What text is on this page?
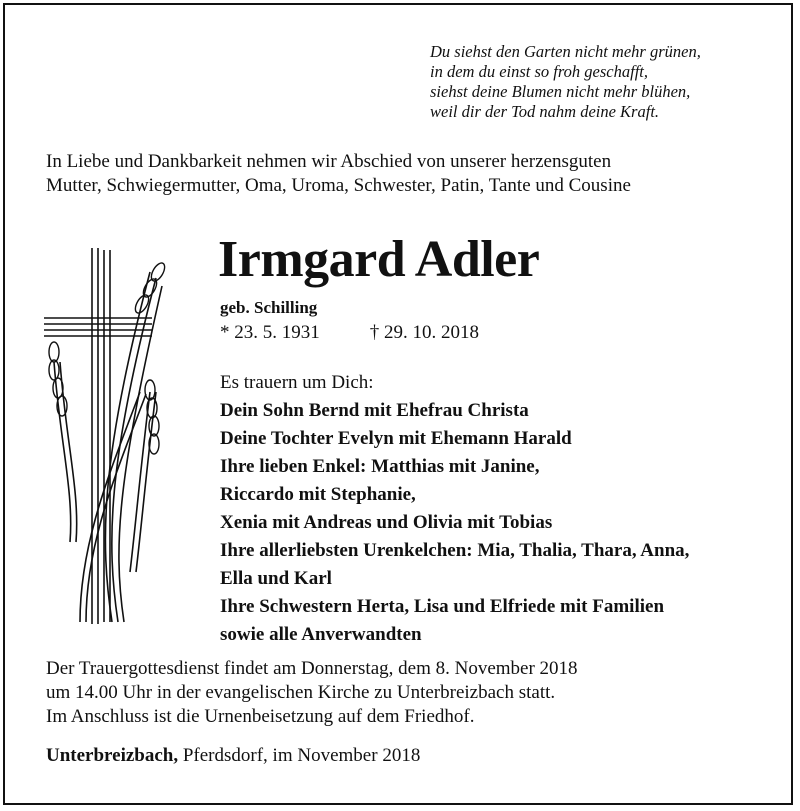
Du siehst den Garten nicht mehr grünen,
in dem du einst so froh geschafft,
siehst deine Blumen nicht mehr blühen,
weil dir der Tod nahm deine Kraft.
In Liebe und Dankbarkeit nehmen wir Abschied von unserer herzensguten
Mutter, Schwiegermutter, Oma, Uroma, Schwester, Patin, Tante und Cousine
Irmgard Adler
geb. Schilling
* 23. 5. 1931	† 29. 10. 2018
Es trauern um Dich:
Dein Sohn Bernd mit Ehefrau Christa
Deine Tochter Evelyn mit Ehemann Harald
Ihre lieben Enkel: Matthias mit Janine,
Riccardo mit Stephanie,
Xenia mit Andreas und Olivia mit Tobias
Ihre allerliebsten Urenkelchen: Mia, Thalia, Thara, Anna,
Ella und Karl
Ihre Schwestern Herta, Lisa und Elfriede mit Familien
sowie alle Anverwandten
Der Trauergottesdienst findet am Donnerstag, dem 8. November 2018
um 14.00 Uhr in der evangelischen Kirche zu Unterbreizbach statt.
Im Anschluss ist die Urnenbeisetzung auf dem Friedhof.
Unterbreizbach, Pferdsdorf, im November 2018
